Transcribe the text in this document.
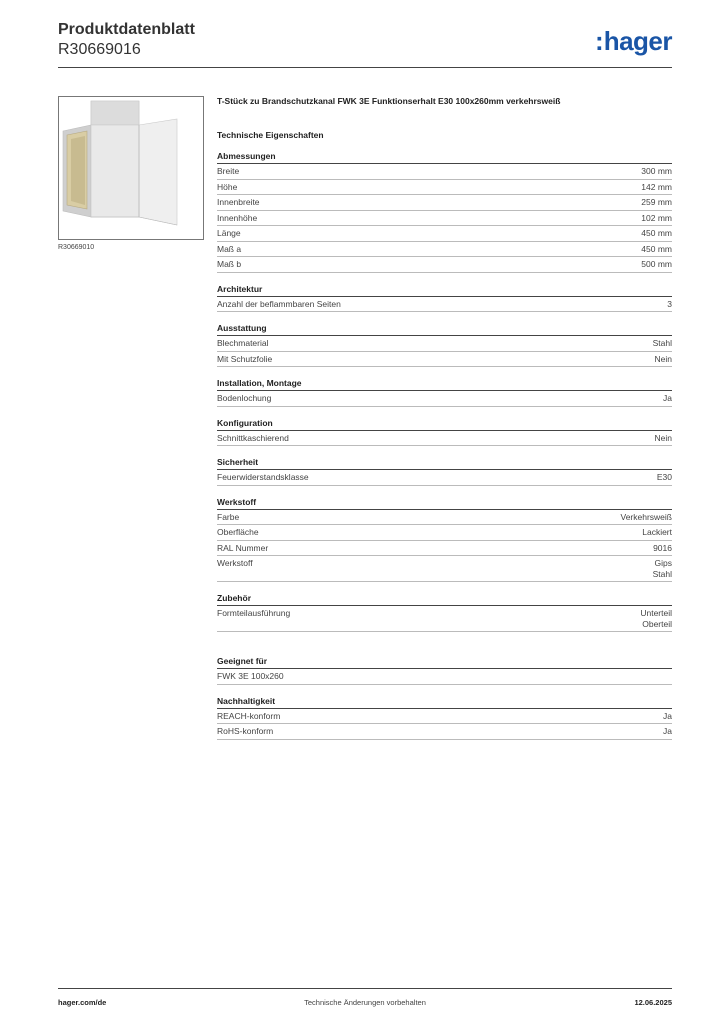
Produktdatenblatt
R30669016	:hager
R30669010
T-Stück zu Brandschutzkanal FWK 3E Funktionserhalt E30 100x260mm verkehrsweiß
Technische Eigenschaften
Abmessungen
Breite	300 mm
Höhe	142 mm
Innenbreite	259 mm
Innenhöhe	102 mm
Länge	450 mm
Maß a	450 mm
Maß b	500 mm
Architektur
Anzahl der beflammbaren Seiten	3
Ausstattung
Blechmaterial	Stahl
Mit Schutzfolie	Nein
Installation, Montage
Bodenlochung	Ja
Konfiguration
Schnittkaschierend	Nein
Sicherheit
Feuerwiderstandsklasse	E30
Werkstoff
Farbe	Verkehrsweiß
Oberfläche	Lackiert
RAL Nummer	9016
Werkstoff	Gips
Stahl
Zubehör
Formteilausführung	Unterteil
Oberteil
Geeignet für
FWK 3E 100x260
Nachhaltigkeit
REACH-konform	Ja
RoHS-konform	Ja
hager.com/de	Technische Änderungen vorbehalten	12.06.2025
